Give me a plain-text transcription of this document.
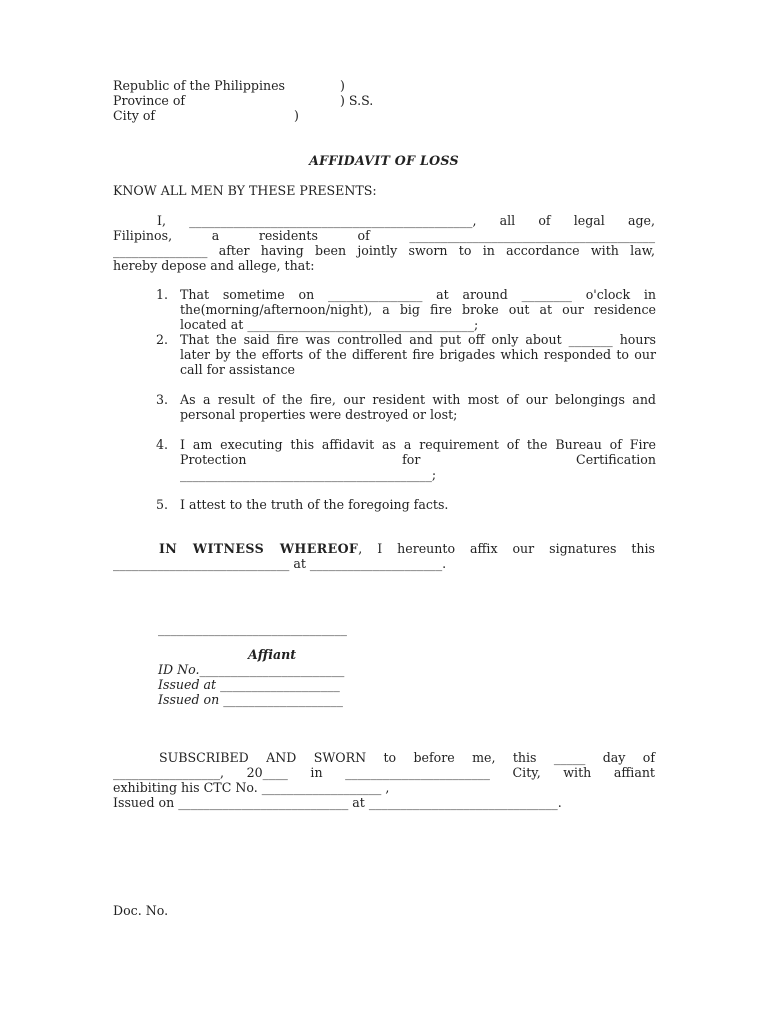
Republic of the Philippines	)
Province of	) S.S.
City of	)
AFFIDAVIT OF LOSS
KNOW ALL MEN BY THESE PRESENTS:
I, _____________________________________________, all of legal age,
Filipinos, a residents of _______________________________________
_______________ after having been jointly sworn to in accordance with law,
hereby depose and allege, that:
1. That sometime on _______________ at around ________ o'clock in
the(morning/afternoon/night), a big fire broke out at our residence
located at ____________________________________;
2. That the said fire was controlled and put off only about _______ hours
later by the efforts of the different fire brigades which responded to our
call for assistance
3. As a result of the fire, our resident with most of our belongings and
personal properties were destroyed or lost;
4. I am executing this affidavit as a requirement of the Bureau of Fire
Protection for Certification
________________________________________;
5. I attest to the truth of the foregoing facts.
IN WITNESS WHEREOF, I hereunto affix our signatures this
____________________________ at _____________________.
______________________________
Affiant
ID No._______________________
Issued at ___________________
Issued on ___________________
SUBSCRIBED AND SWORN to before me, this _____ day of
_________________, 20____ in _______________________ City, with affiant
exhibiting his CTC No. ___________________ ,
Issued on ___________________________ at ______________________________.
Doc. No.
